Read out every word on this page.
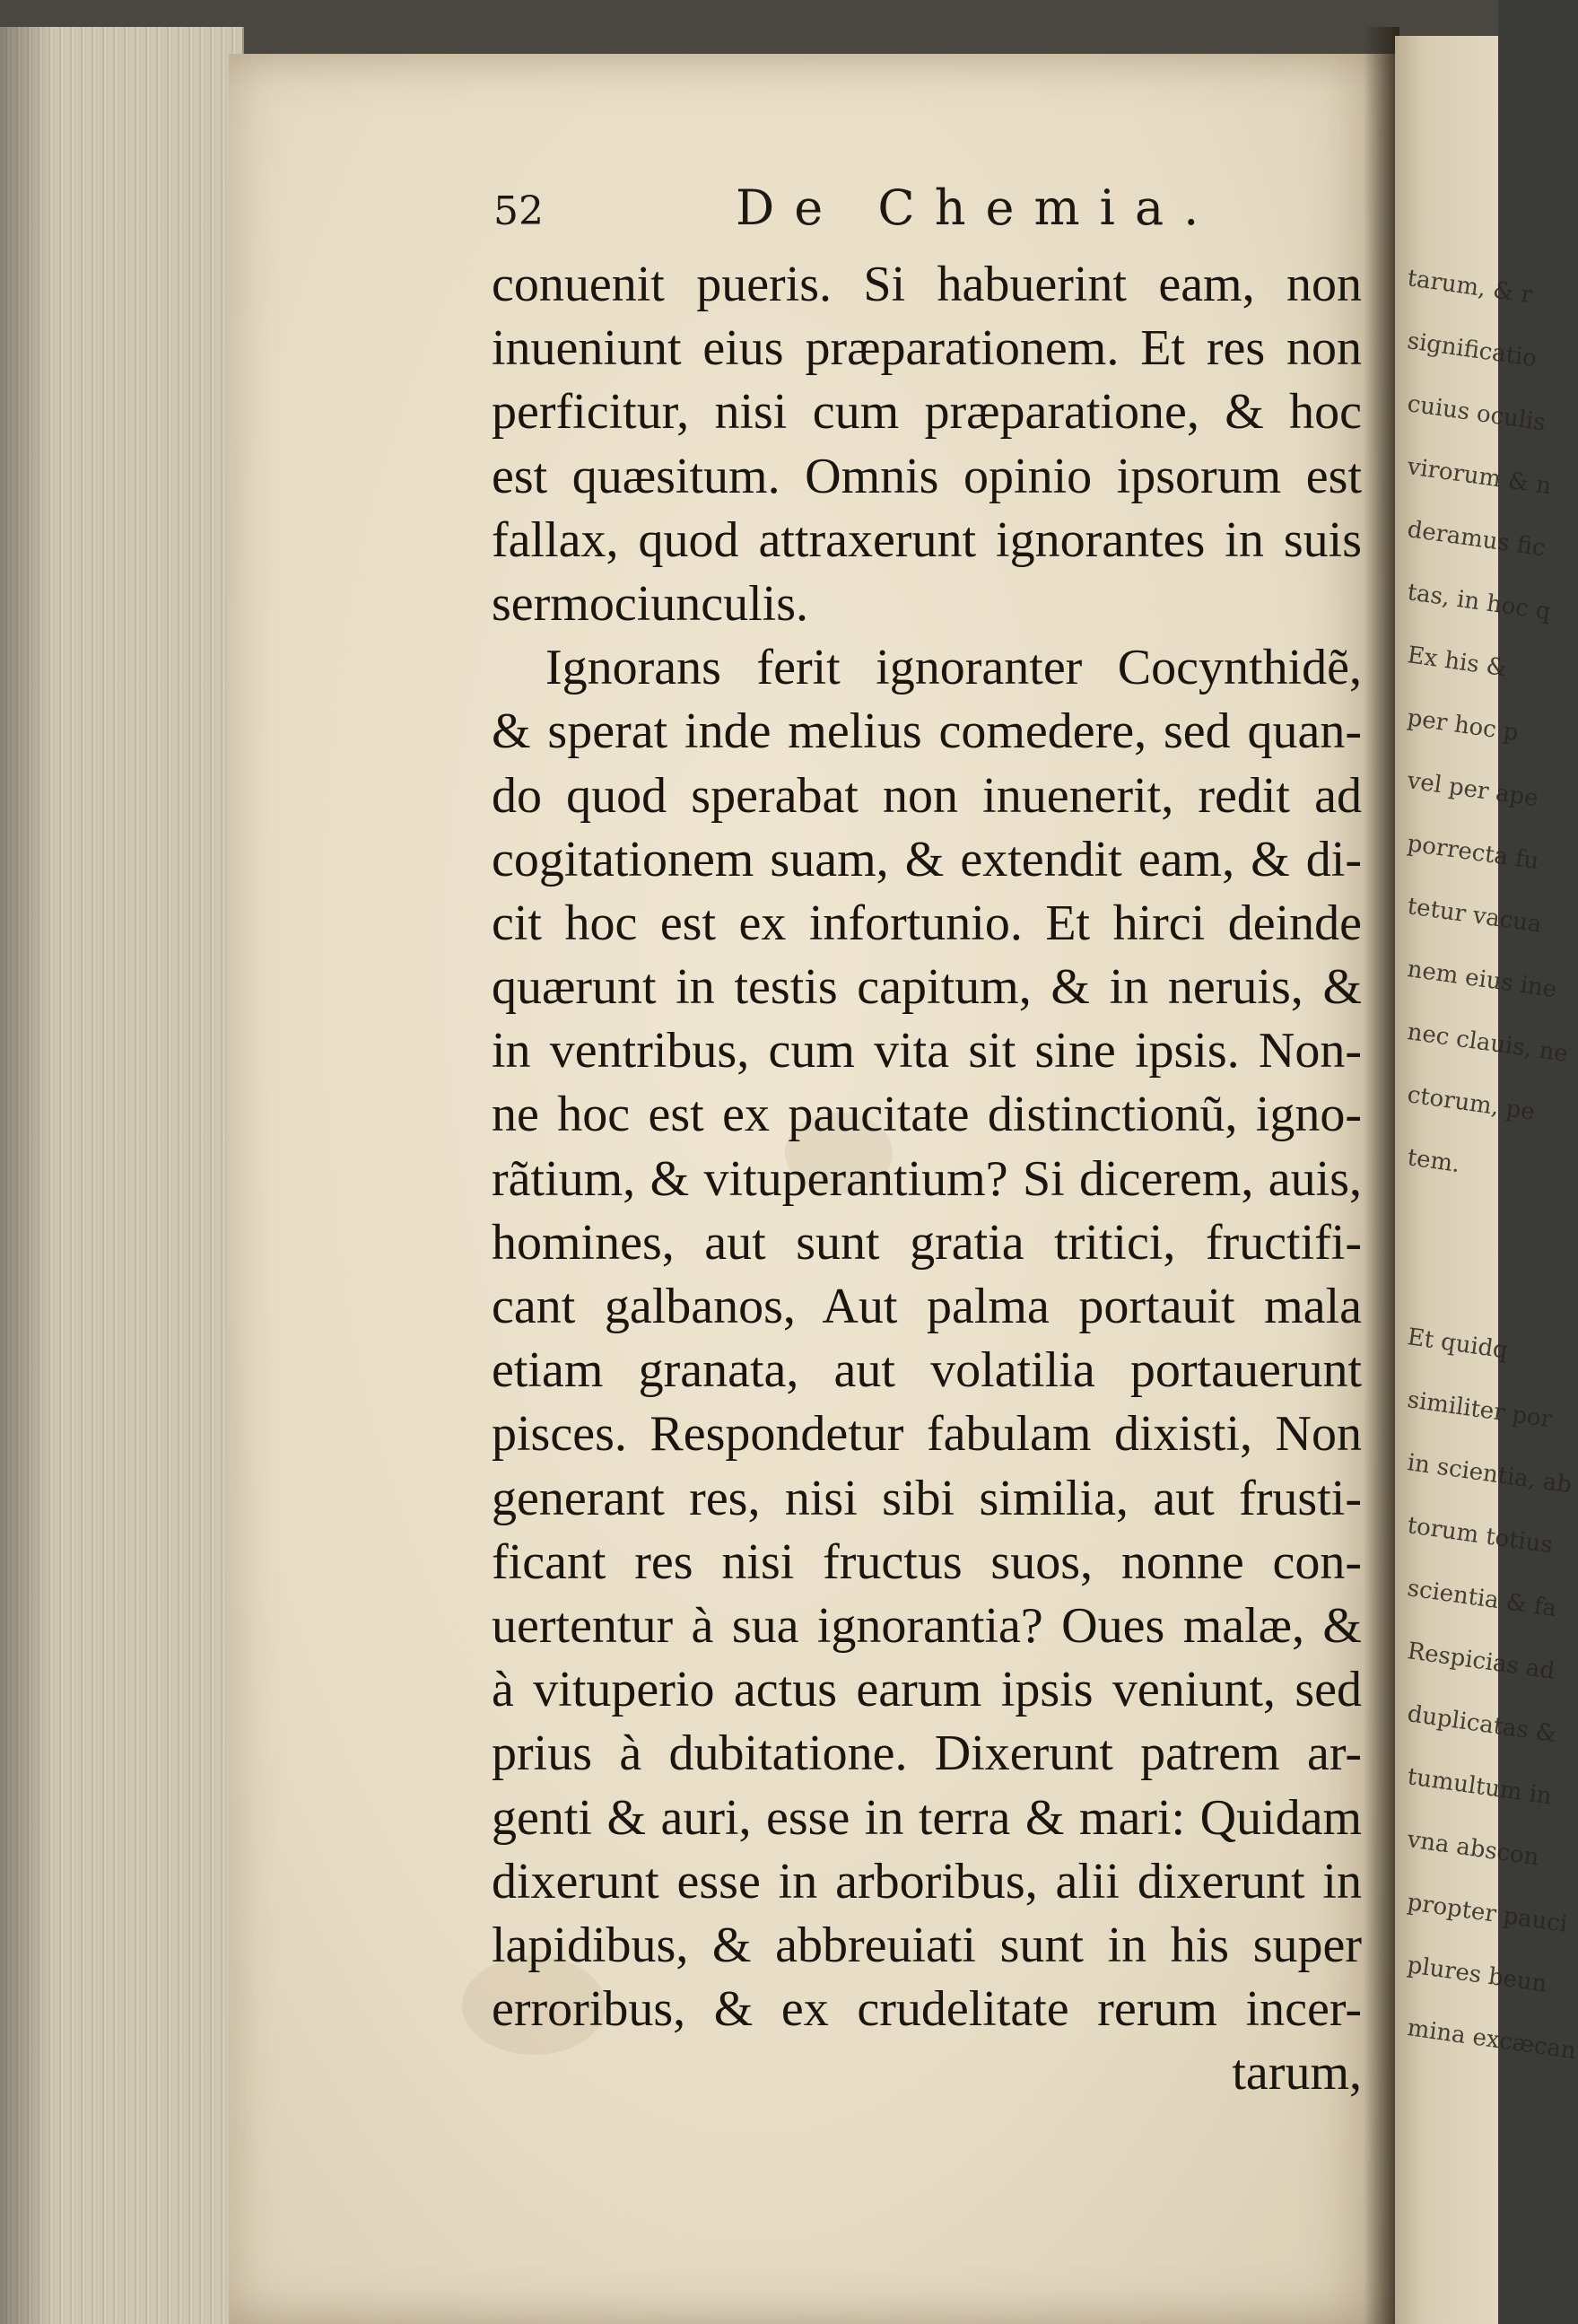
tarum, & r
significatio
cuius oculis
virorum & n
deramus fic
tas, in hoc q
Ex his &
per hoc p
vel per ape
porrecta fu
tetur vacua
nem eius ine
nec clauis, ne
ctorum, pe
tem.
Et quidq
similiter por
in scientia, ab
torum totius
scientia & fa
Respicias ad
duplicatas &
tumultum in
vna abscon
propter pauci
plures beun
mina excæcan
52	De Chemia.
conuenit pueris. Si habuerint eam, non
inueniunt eius præparationem. Et res non
perficitur, nisi cum præparatione, & hoc
est quæsitum. Omnis opinio ipsorum est
fallax, quod attraxerunt ignorantes in suis
sermociunculis.
Ignorans ferit ignoranter Cocynthidẽ,
& sperat inde melius comedere, sed quan-
do quod sperabat non inuenerit, redit ad
cogitationem suam, & extendit eam, & di-
cit hoc est ex infortunio. Et hirci deinde
quærunt in testis capitum, & in neruis, &
in ventribus, cum vita sit sine ipsis. Non-
ne hoc est ex paucitate distinctionũ, igno-
rãtium, & vituperantium? Si dicerem, auis,
homines, aut sunt gratia tritici, fructifi-
cant galbanos, Aut palma portauit mala
etiam granata, aut volatilia portauerunt
pisces. Respondetur fabulam dixisti, Non
generant res, nisi sibi similia, aut frusti-
ficant res nisi fructus suos, nonne con-
uertentur à sua ignorantia? Oues malæ, &
à vituperio actus earum ipsis veniunt, sed
prius à dubitatione. Dixerunt patrem ar-
genti & auri, esse in terra & mari: Quidam
dixerunt esse in arboribus, alii dixerunt in
lapidibus, & abbreuiati sunt in his super
erroribus, & ex crudelitate rerum incer-
tarum,
